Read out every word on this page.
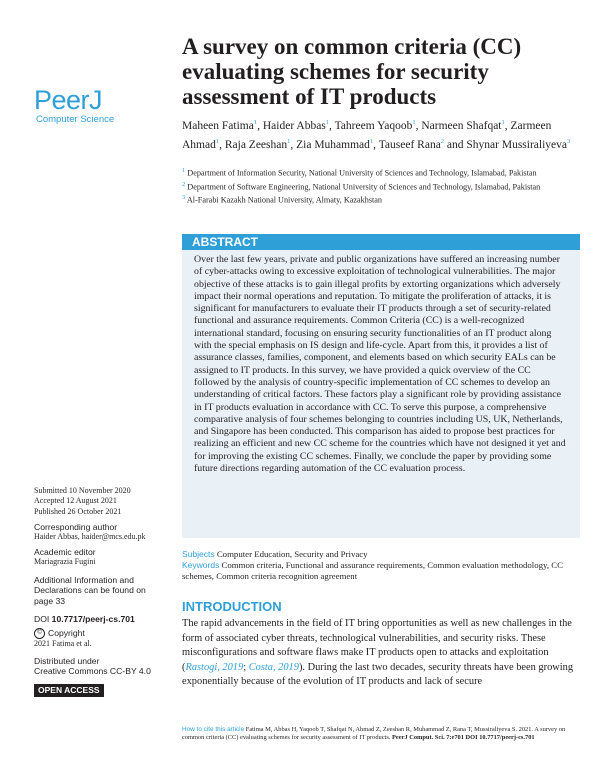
PeerJ
Computer Science
A survey on common criteria (CC) evaluating schemes for security assessment of IT products
Maheen Fatima$^1$, Haider Abbas$^1$, Tahreem Yaqoob$^1$, Narmeen Shafqat$^1$, Zarmeen Ahmad$^1$, Raja Zeeshan$^1$, Zia Muhammad$^1$, Tauseef Rana$^2$ and Shynar Mussiraliyeva$^3$
$^1$ Department of Information Security, National University of Sciences and Technology, Islamabad, Pakistan
$^2$ Department of Software Engineering, National University of Sciences and Technology, Islamabad, Pakistan
$^3$ Al-Farabi Kazakh National University, Almaty, Kazakhstan
ABSTRACT
Over the last few years, private and public organizations have suffered an increasing number of cyber-attacks owing to excessive exploitation of technological vulnerabilities. The major objective of these attacks is to gain illegal profits by extorting organizations which adversely impact their normal operations and reputation. To mitigate the proliferation of attacks, it is significant for manufacturers to evaluate their IT products through a set of security-related functional and assurance requirements. Common Criteria (CC) is a well-recognized international standard, focusing on ensuring security functionalities of an IT product along with the special emphasis on IS design and life-cycle. Apart from this, it provides a list of assurance classes, families, component, and elements based on which security EALs can be assigned to IT products. In this survey, we have provided a quick overview of the CC followed by the analysis of country-specific implementation of CC schemes to develop an understanding of critical factors. These factors play a significant role by providing assistance in IT products evaluation in accordance with CC. To serve this purpose, a comprehensive comparative analysis of four schemes belonging to countries including US, UK, Netherlands, and Singapore has been conducted. This comparison has aided to propose best practices for realizing an efficient and new CC scheme for the countries which have not designed it yet and for improving the existing CC schemes. Finally, we conclude the paper by providing some future directions regarding automation of the CC evaluation process.
Subjects Computer Education, Security and Privacy
Keywords Common criteria, Functional and assurance requirements, Common evaluation methodology, CC schemes, Common criteria recognition agreement
INTRODUCTION
The rapid advancements in the field of IT bring opportunities as well as new challenges in the form of associated cyber threats, technological vulnerabilities, and security risks. These misconfigurations and software flaws make IT products open to attacks and exploitation (Rastogi, 2019; Costa, 2019). During the last two decades, security threats have been growing exponentially because of the evolution of IT products and lack of secure
Submitted 10 November 2020
Accepted 12 August 2021
Published 26 October 2021
Corresponding author
Haider Abbas, haider@mcs.edu.pk
Academic editor
Mariagrazia Fugini
Additional Information and Declarations can be found on page 33
DOI 10.7717/peerj-cs.701
© Copyright
2021 Fatima et al.
Distributed under
Creative Commons CC-BY 4.0
OPEN ACCESS
How to cite this article Fatima M, Abbas H, Yaqoob T, Shafqat N, Ahmad Z, Zeeshan R, Muhammad Z, Rana T, Mussiraliyeva S. 2021. A survey on common criteria (CC) evaluating schemes for security assessment of IT products. PeerJ Comput. Sci. 7:e701 DOI 10.7717/peerj-cs.701
